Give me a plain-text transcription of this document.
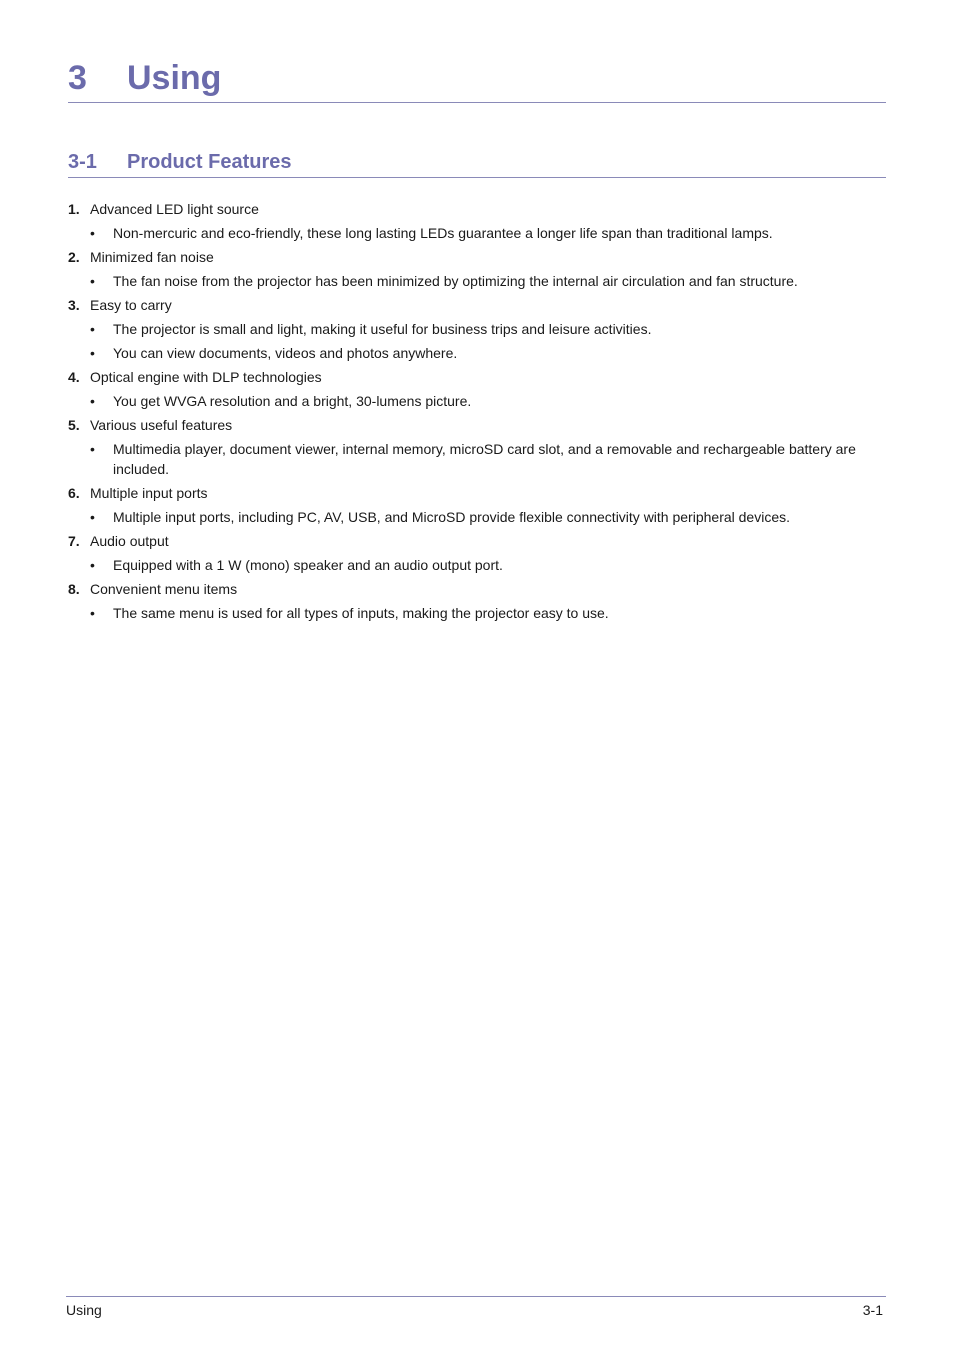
3 Using
3-1 Product Features
1. Advanced LED light source
• Non-mercuric and eco-friendly, these long lasting LEDs guarantee a longer life span than traditional lamps.
2. Minimized fan noise
• The fan noise from the projector has been minimized by optimizing the internal air circulation and fan structure.
3. Easy to carry
• The projector is small and light, making it useful for business trips and leisure activities.
• You can view documents, videos and photos anywhere.
4. Optical engine with DLP technologies
• You get WVGA resolution and a bright, 30-lumens picture.
5. Various useful features
• Multimedia player, document viewer, internal memory, microSD card slot, and a removable and rechargeable battery are included.
6. Multiple input ports
• Multiple input ports, including PC, AV, USB, and MicroSD provide flexible connectivity with peripheral devices.
7. Audio output
• Equipped with a 1 W (mono) speaker and an audio output port.
8. Convenient menu items
• The same menu is used for all types of inputs, making the projector easy to use.
Using	3-1
